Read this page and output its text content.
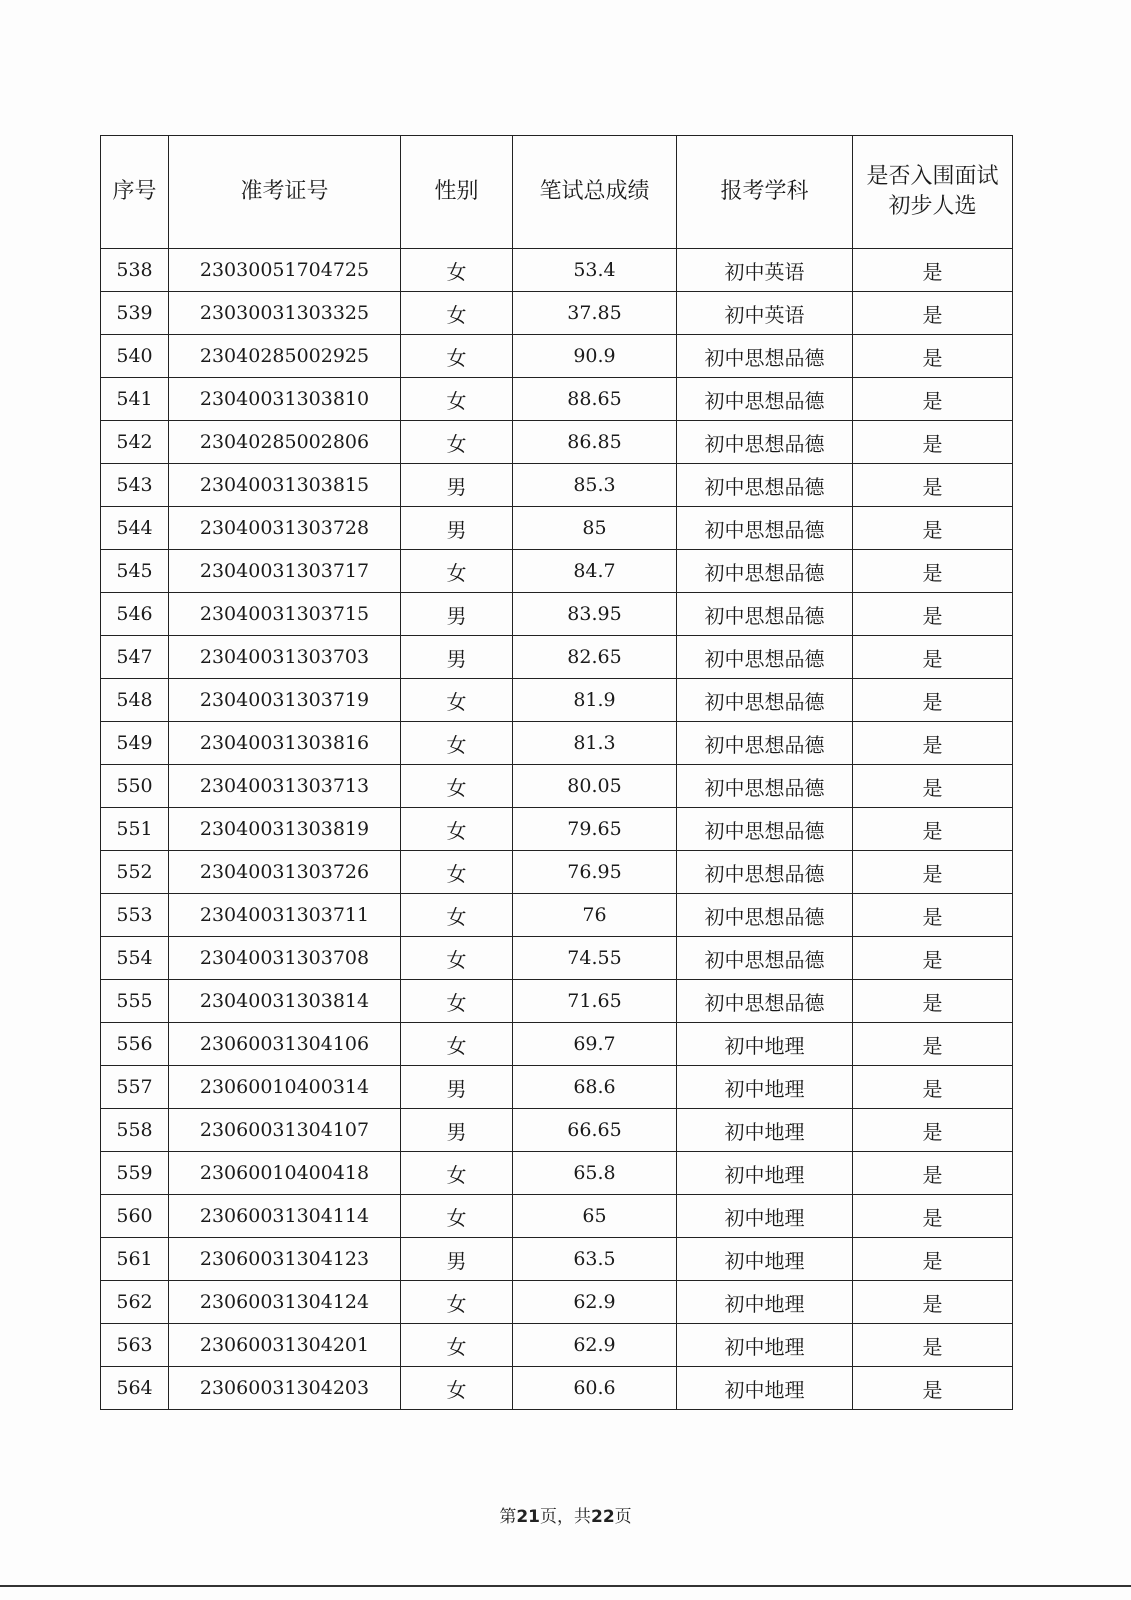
序号	准考证号	性别	笔试总成绩	报考学科	是否入围面试初步人选
538	23030051704725	女	53.4	初中英语	是
539	23030031303325	女	37.85	初中英语	是
540	23040285002925	女	90.9	初中思想品德	是
541	23040031303810	女	88.65	初中思想品德	是
542	23040285002806	女	86.85	初中思想品德	是
543	23040031303815	男	85.3	初中思想品德	是
544	23040031303728	男	85	初中思想品德	是
545	23040031303717	女	84.7	初中思想品德	是
546	23040031303715	男	83.95	初中思想品德	是
547	23040031303703	男	82.65	初中思想品德	是
548	23040031303719	女	81.9	初中思想品德	是
549	23040031303816	女	81.3	初中思想品德	是
550	23040031303713	女	80.05	初中思想品德	是
551	23040031303819	女	79.65	初中思想品德	是
552	23040031303726	女	76.95	初中思想品德	是
553	23040031303711	女	76	初中思想品德	是
554	23040031303708	女	74.55	初中思想品德	是
555	23040031303814	女	71.65	初中思想品德	是
556	23060031304106	女	69.7	初中地理	是
557	23060010400314	男	68.6	初中地理	是
558	23060031304107	男	66.65	初中地理	是
559	23060010400418	女	65.8	初中地理	是
560	23060031304114	女	65	初中地理	是
561	23060031304123	男	63.5	初中地理	是
562	23060031304124	女	62.9	初中地理	是
563	23060031304201	女	62.9	初中地理	是
564	23060031304203	女	60.6	初中地理	是
第21页，共22页
